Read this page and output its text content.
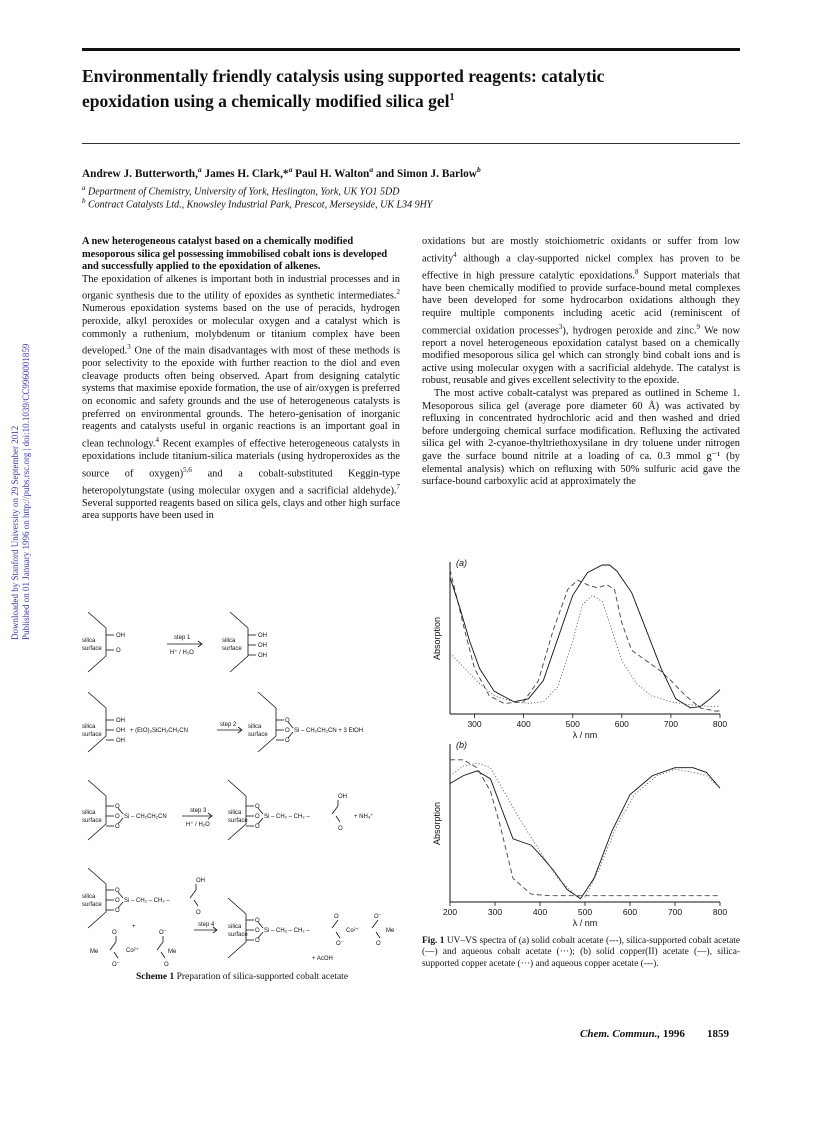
Downloaded by Stanford University on 29 September 2012 Published on 01 January 1996 on http://pubs.rsc.org | doi:10.1039/CC9960001859
Environmentally friendly catalysis using supported reagents: catalytic
epoxidation using a chemically modified silica gel$^1$
Andrew J. Butterworth,$^a$ James H. Clark,*$^a$ Paul H. Walton$^a$ and Simon J. Barlow$^b$
$^a$ Department of Chemistry, University of York, Heslington, York, UK YO1 5DD
$^b$ Contract Catalysts Ltd., Knowsley Industrial Park, Prescot, Merseyside, UK L34 9HY

A new heterogeneous catalyst based on a chemically modified mesoporous silica gel possessing immobilised cobalt ions is developed and successfully applied to the epoxidation of alkenes.

The epoxidation of alkenes is important both in industrial processes and in organic synthesis due to the utility of epoxides as synthetic intermediates.$^2$ Numerous epoxidation systems based on the use of peracids, hydrogen peroxide, alkyl peroxides or molecular oxygen and a catalyst which is commonly a ruthenium, molybdenum or titanium complex have been developed.$^3$ One of the main disadvantages with most of these methods is poor selectivity to the epoxide with further reaction to the diol and even cleavage products often being observed. Apart from designing catalytic systems that maximise epoxide formation, the use of air/oxygen is preferred on economic and safety grounds and the use of heterogeneous catalysts is preferred on environmental grounds. The hetero-genisation of inorganic reagents and catalysts useful in organic reactions is an important goal in clean technology.$^4$ Recent examples of effective heterogeneous catalysts in epoxidations include titanium-silica materials (using hydroperoxides as the source of oxygen)$^{5,6}$ and a cobalt-substituted Keggin-type heteropolytungstate (using molecular oxygen and a sacrificial aldehyde).$^7$ Several supported reagents based on silica gels, clays and other high surface area supports have been used in

oxidations but are mostly stoichiometric oxidants or suffer from low activity$^4$ although a clay-supported nickel complex has proven to be effective in high pressure catalytic epoxidations.$^8$ Support materials that have been chemically modified to provide surface-bound metal complexes have been developed for some hydrocarbon oxidations although they require multiple components including acetic acid (reminiscent of commercial oxidation processes$^3$), hydrogen peroxide and zinc.$^9$ We now report a novel heterogeneous epoxidation catalyst based on a chemically modified mesoporous silica gel which can strongly bind cobalt ions and is active using molecular oxygen with a sacrificial aldehyde. The catalyst is robust, reusable and gives excellent selectivity to the epoxide.

The most active cobalt-catalyst was prepared as outlined in Scheme 1. Mesoporous silica gel (average pore diameter 60 Å) was activated by refluxing in concentrated hydrochloric acid and then washed and dried before undergoing chemical surface modification. Refluxing the activated silica gel with 2-cyanoe-thyltriethoxysilane in dry toluene under nitrogen gave the surface bound nitrile at a loading of ca. 0.3 mmol g⁻¹ (by elemental analysis) which on refluxing with 50% sulfuric acid gave the surface-bound carboxylic acid at approximately the

silica
surface
OH
O
step 1
H⁺ / H₂O
silica
surface
OH
OH
OH
silica
surface
OH
OH
OH
+ (EtO)₃SiCH₂CH₂CN
step 2 silica
surface
O
O
O
Si – CH₂CH₂CN + 3 EtOH
silica
surface
O
O
O
Si – CH₂CH₂CN
step 3
H⁺ / H₂O
silica
surface
O
O
O
Si – CH₂ – CH₂ –
OH
O
+ NH₄⁺
silica
surface
O
O
O
Si – CH₂ – CH₂ –
OH
O
+	step 4
Me
O
O⁻
Co²⁺
O⁻
O
Me
silica
surface
O
O
O
Si – CH₂ – CH₂ –
O
O⁻
Co²⁺
O⁻
O
Me
+ AcOH
Scheme 1 Preparation of silica-supported cobalt acetate
(a)
Absorption
300	400	500	600	700	800
λ / nm
(b)
Absorption
200	300	400	500	600	700	800
λ / nm
Fig. 1 UV–VS spectra of (a) solid cobalt acetate (---), silica-supported cobalt acetate (—) and aqueous cobalt acetate (···); (b) solid copper(II) acetate (—), silica-supported copper acetate (···) and aqueous copper acetate (---).
Chem. Commun., 1996 1859
